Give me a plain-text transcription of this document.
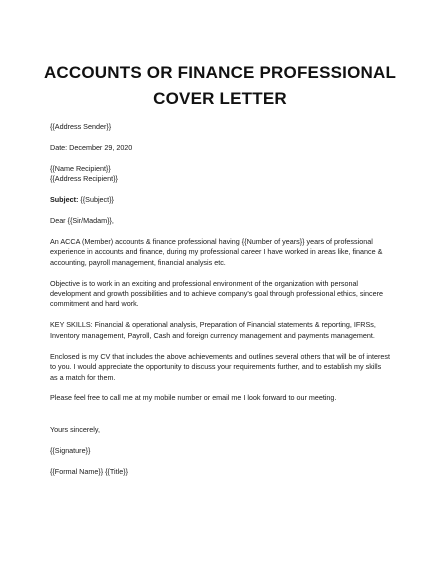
ACCOUNTS OR FINANCE PROFESSIONAL
COVER LETTER

{{Address Sender}}

Date: December 29, 2020

{{Name Recipient}}

{{Address Recipient}}

Subject: {{Subject}}

Dear {{Sir/Madam}},

An ACCA (Member) accounts & finance professional having {{Number of years}} years of professional experience in accounts and finance, during my professional career I have worked in areas like, finance & accounting, payroll management, financial analysis etc.

Objective is to work in an exciting and professional environment of the organization with personal development and growth possibilities and to achieve company's goal through professional ethics, sincere commitment and hard work.

KEY SKILLS: Financial & operational analysis, Preparation of Financial statements & reporting, IFRSs, Inventory management, Payroll, Cash and foreign currency management and payments management.

Enclosed is my CV that includes the above achievements and outlines several others that will be of interest to you. I would appreciate the opportunity to discuss your requirements further, and to establish my skills as a match for them.

Please feel free to call me at my mobile number or email me I look forward to our meeting.

Yours sincerely,

{{Signature}}

{{Formal Name}} {{Title}}
